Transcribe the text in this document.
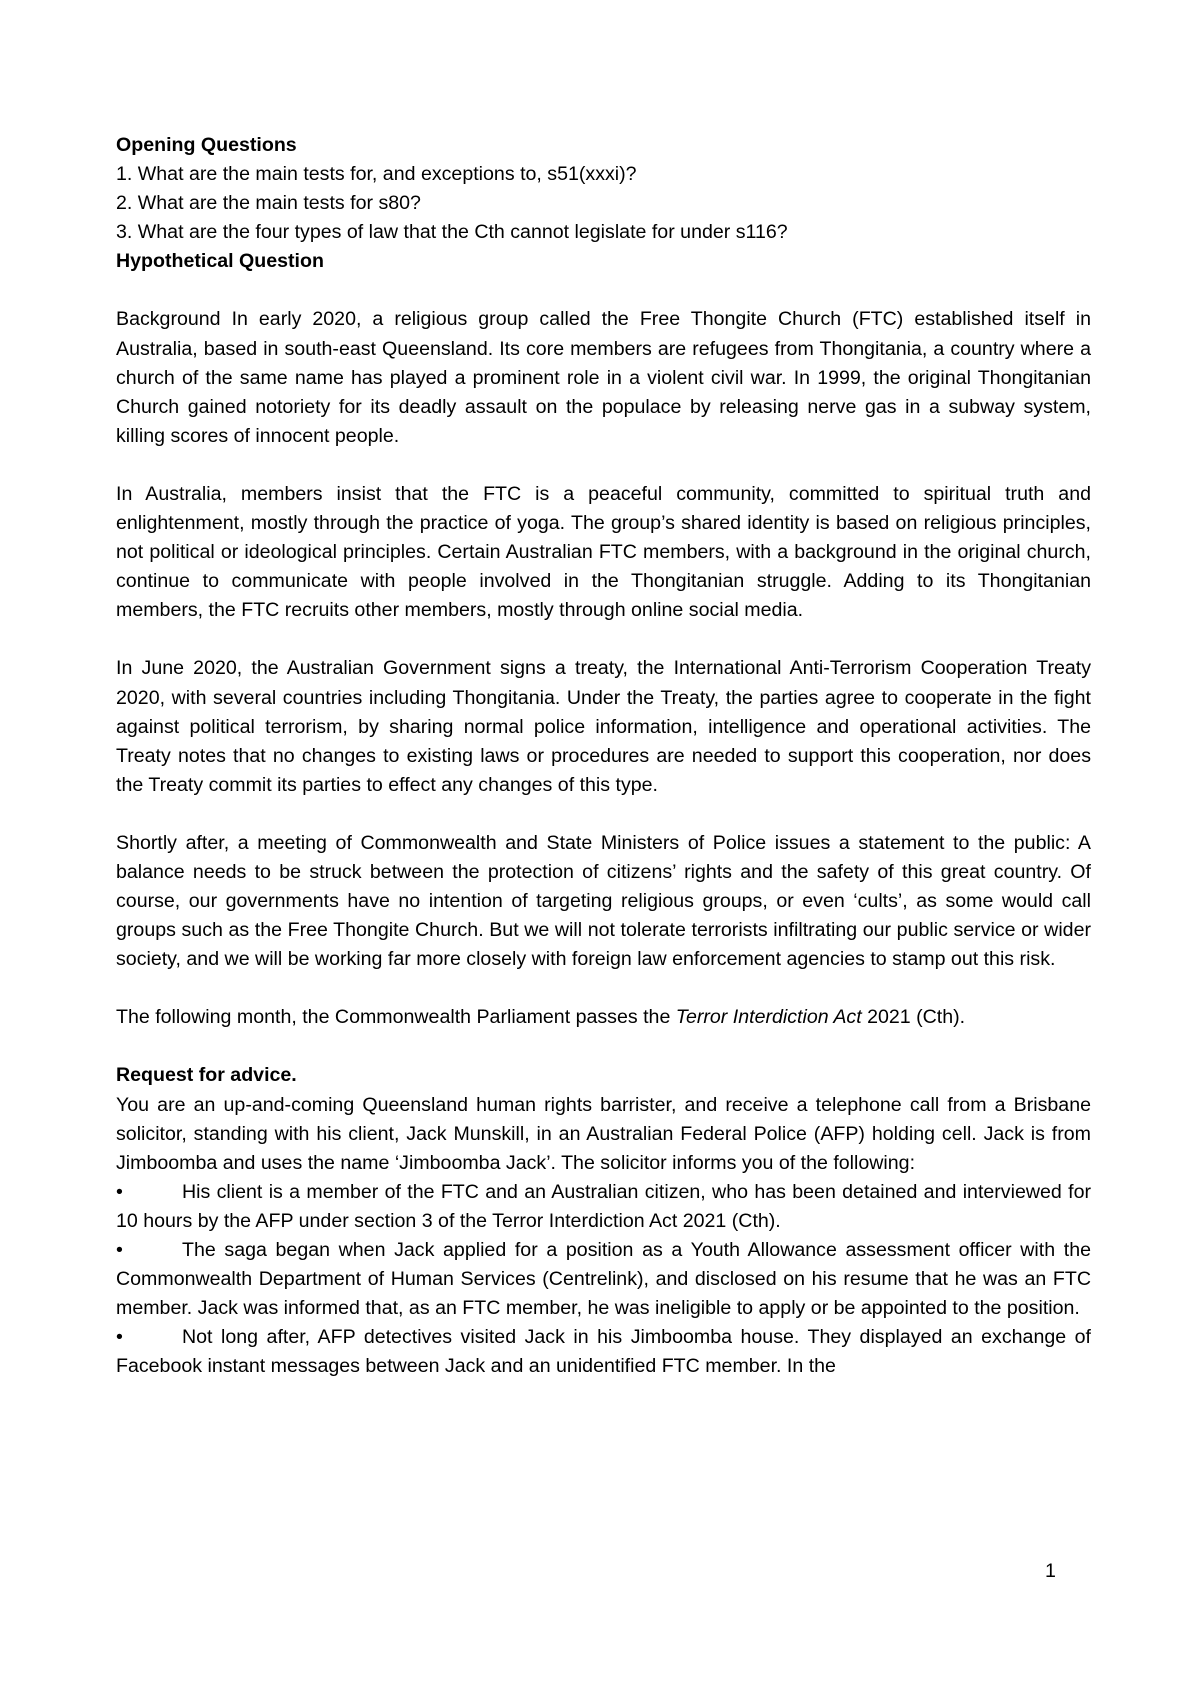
Opening Questions

1. What are the main tests for, and exceptions to, s51(xxxi)?

2. What are the main tests for s80?

3. What are the four types of law that the Cth cannot legislate for under s116?

Hypothetical Question

Background In early 2020, a religious group called the Free Thongite Church (FTC) established itself in Australia, based in south-east Queensland. Its core members are refugees from Thongitania, a country where a church of the same name has played a prominent role in a violent civil war. In 1999, the original Thongitanian Church gained notoriety for its deadly assault on the populace by releasing nerve gas in a subway system, killing scores of innocent people.

In Australia, members insist that the FTC is a peaceful community, committed to spiritual truth and enlightenment, mostly through the practice of yoga. The group’s shared identity is based on religious principles, not political or ideological principles. Certain Australian FTC members, with a background in the original church, continue to communicate with people involved in the Thongitanian struggle. Adding to its Thongitanian members, the FTC recruits other members, mostly through online social media.

In June 2020, the Australian Government signs a treaty, the International Anti-Terrorism Cooperation Treaty 2020, with several countries including Thongitania. Under the Treaty, the parties agree to cooperate in the fight against political terrorism, by sharing normal police information, intelligence and operational activities. The Treaty notes that no changes to existing laws or procedures are needed to support this cooperation, nor does the Treaty commit its parties to effect any changes of this type.

Shortly after, a meeting of Commonwealth and State Ministers of Police issues a statement to the public: A balance needs to be struck between the protection of citizens’ rights and the safety of this great country. Of course, our governments have no intention of targeting religious groups, or even ‘cults’, as some would call groups such as the Free Thongite Church. But we will not tolerate terrorists infiltrating our public service or wider society, and we will be working far more closely with foreign law enforcement agencies to stamp out this risk.

The following month, the Commonwealth Parliament passes the Terror Interdiction Act 2021 (Cth).

Request for advice.

You are an up-and-coming Queensland human rights barrister, and receive a telephone call from a Brisbane solicitor, standing with his client, Jack Munskill, in an Australian Federal Police (AFP) holding cell. Jack is from Jimboomba and uses the name ‘Jimboomba Jack’. The solicitor informs you of the following:

•	His client is a member of the FTC and an Australian citizen, who has been detained and interviewed for 10 hours by the AFP under section 3 of the Terror Interdiction Act 2021 (Cth).

•	The saga began when Jack applied for a position as a Youth Allowance assessment officer with the Commonwealth Department of Human Services (Centrelink), and disclosed on his resume that he was an FTC member. Jack was informed that, as an FTC member, he was ineligible to apply or be appointed to the position.

•	Not long after, AFP detectives visited Jack in his Jimboomba house. They displayed an exchange of Facebook instant messages between Jack and an unidentified FTC member. In the

1
